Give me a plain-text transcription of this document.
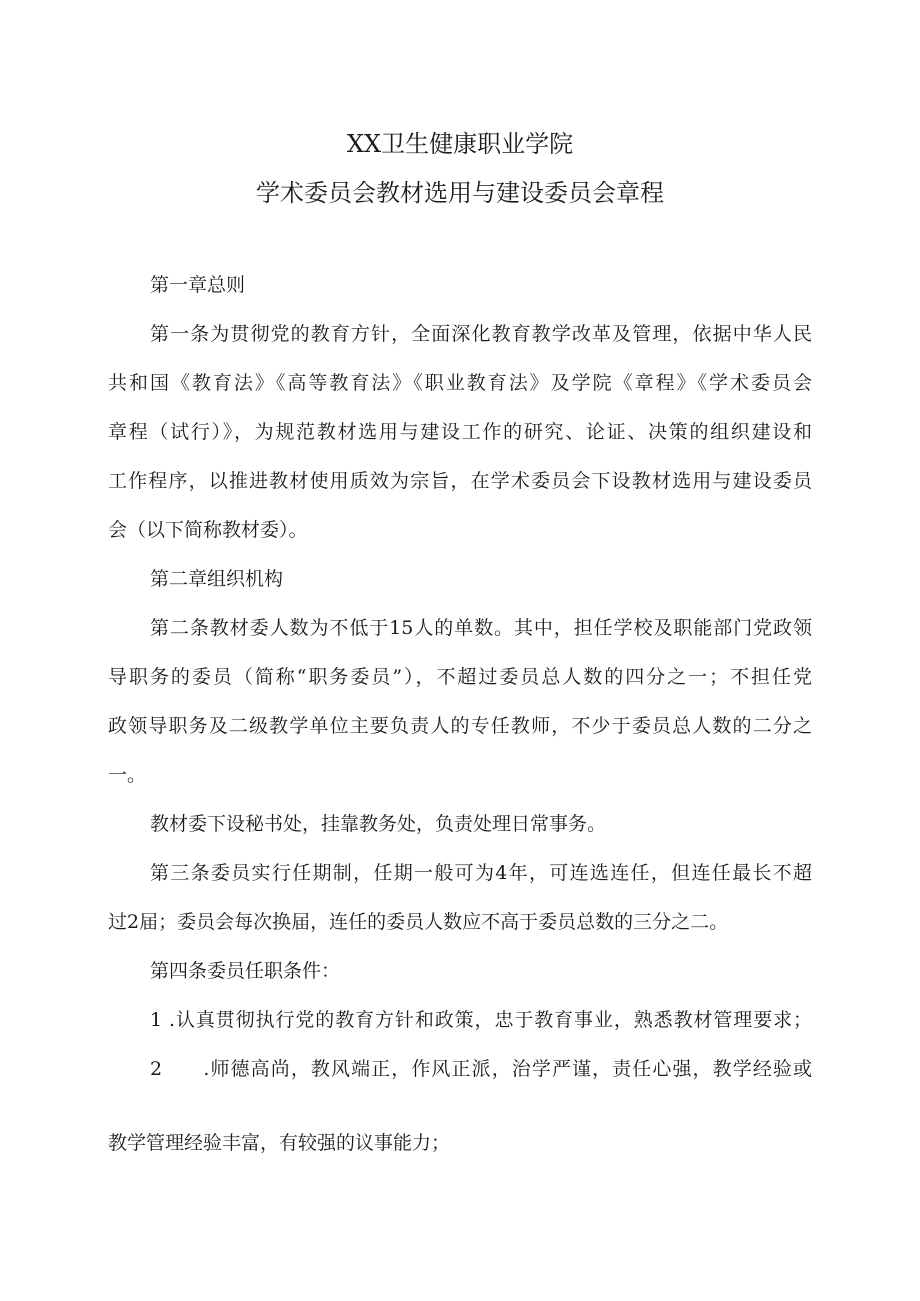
XX卫生健康职业学院
学术委员会教材选用与建设委员会章程
第一章总则
第一条为贯彻党的教育方针，全面深化教育教学改革及管理，依据中华人民
共和国《教育法》《高等教育法》《职业教育法》及学院《章程》《学术委员会
章程（试行）》，为规范教材选用与建设工作的研究、论证、决策的组织建设和
工作程序，以推进教材使用质效为宗旨，在学术委员会下设教材选用与建设委员
会（以下简称教材委）。
第二章组织机构
第二条教材委人数为不低于15人的单数。其中，担任学校及职能部门党政领
导职务的委员（简称“职务委员”），不超过委员总人数的四分之一；不担任党
政领导职务及二级教学单位主要负责人的专任教师，不少于委员总人数的二分之
一。
教材委下设秘书处，挂靠教务处，负责处理日常事务。
第三条委员实行任期制，任期一般可为4年，可连选连任，但连任最长不超
过2届；委员会每次换届，连任的委员人数应不高于委员总数的三分之二。
第四条委员任职条件：
1 .认真贯彻执行党的教育方针和政策，忠于教育事业，熟悉教材管理要求；
2　　.师德高尚，教风端正，作风正派，治学严谨，责任心强，教学经验或
教学管理经验丰富，有较强的议事能力；
